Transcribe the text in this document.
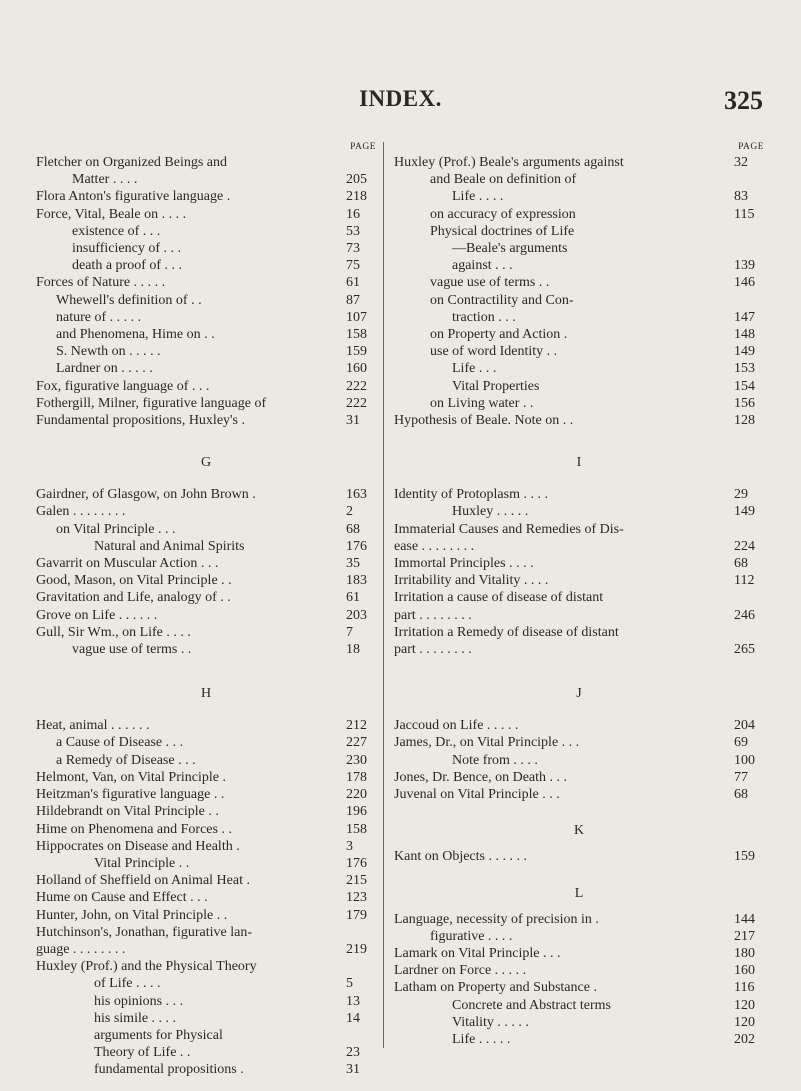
INDEX.	325
PAGE
Fletcher on Organized Beings and
Matter . . . .	205
Flora Anton's figurative language .	218
Force, Vital, Beale on . . . .	16
existence of . . .	53
insufficiency of . . .	73
death a proof of . . .	75
Forces of Nature . . . . .	61
Whewell's definition of . .	87
nature of . . . . .	107
and Phenomena, Hime on . .	158
S. Newth on . . . . .	159
Lardner on . . . . .	160
Fox, figurative language of . . .	222
Fothergill, Milner, figurative language of	222
Fundamental propositions, Huxley's .	31
G
Gairdner, of Glasgow, on John Brown .	163
Galen . . . . . . . .	2
on Vital Principle . . .	68
Natural and Animal Spirits	176
Gavarrit on Muscular Action . . .	35
Good, Mason, on Vital Principle . .	183
Gravitation and Life, analogy of . .	61
Grove on Life . . . . . .	203
Gull, Sir Wm., on Life . . . .	7
vague use of terms . .	18
H
Heat, animal . . . . . .	212
a Cause of Disease . . .	227
a Remedy of Disease . . .	230
Helmont, Van, on Vital Principle .	178
Heitzman's figurative language . .	220
Hildebrandt on Vital Principle . .	196
Hime on Phenomena and Forces . .	158
Hippocrates on Disease and Health .	3
Vital Principle . .	176
Holland of Sheffield on Animal Heat .	215
Hume on Cause and Effect . . .	123
Hunter, John, on Vital Principle . .	179
Hutchinson's, Jonathan, figurative lan-
guage . . . . . . . .	219
Huxley (Prof.) and the Physical Theory
of Life . . . .	5
his opinions . . .	13
his simile . . . .	14
arguments for Physical
Theory of Life . .	23
fundamental propositions .	31
PAGE
Huxley (Prof.) Beale's arguments against	32
and Beale on definition of
Life . . . .	83
on accuracy of expression	115
Physical doctrines of Life
—Beale's arguments
against . . .	139
vague use of terms . .	146
on Contractility and Con-
traction . . .	147
on Property and Action .	148
use of word Identity . .	149
Life . . .	153
Vital Properties	154
on Living water . .	156
Hypothesis of Beale. Note on . .	128
I
Identity of Protoplasm . . . .	29
Huxley . . . . .	149
Immaterial Causes and Remedies of Dis-
ease . . . . . . . .	224
Immortal Principles . . . .	68
Irritability and Vitality . . . .	112
Irritation a cause of disease of distant
part . . . . . . . .	246
Irritation a Remedy of disease of distant
part . . . . . . . .	265
J
Jaccoud on Life . . . . .	204
James, Dr., on Vital Principle . . .	69
Note from . . . .	100
Jones, Dr. Bence, on Death . . .	77
Juvenal on Vital Principle . . .	68
K
Kant on Objects . . . . . .	159
L
Language, necessity of precision in .	144
figurative . . . .	217
Lamark on Vital Principle . . .	180
Lardner on Force . . . . .	160
Latham on Property and Substance .	116
Concrete and Abstract terms	120
Vitality . . . . .	120
Life . . . . .	202
